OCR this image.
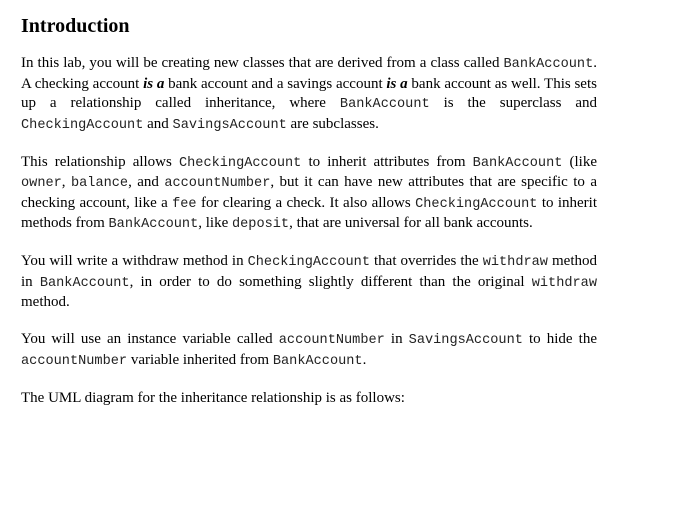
Introduction

In this lab, you will be creating new classes that are derived from a class called BankAccount. A checking account is a bank account and a savings account is a bank account as well. This sets up a relationship called inheritance, where BankAccount is the superclass and CheckingAccount and SavingsAccount are subclasses.

This relationship allows CheckingAccount to inherit attributes from BankAccount (like owner, balance, and accountNumber, but it can have new attributes that are specific to a checking account, like a fee for clearing a check. It also allows CheckingAccount to inherit methods from BankAccount, like deposit, that are universal for all bank accounts.

You will write a withdraw method in CheckingAccount that overrides the withdraw method in BankAccount, in order to do something slightly different than the original withdraw method.

You will use an instance variable called accountNumber in SavingsAccount to hide the accountNumber variable inherited from BankAccount.

The UML diagram for the inheritance relationship is as follows:
